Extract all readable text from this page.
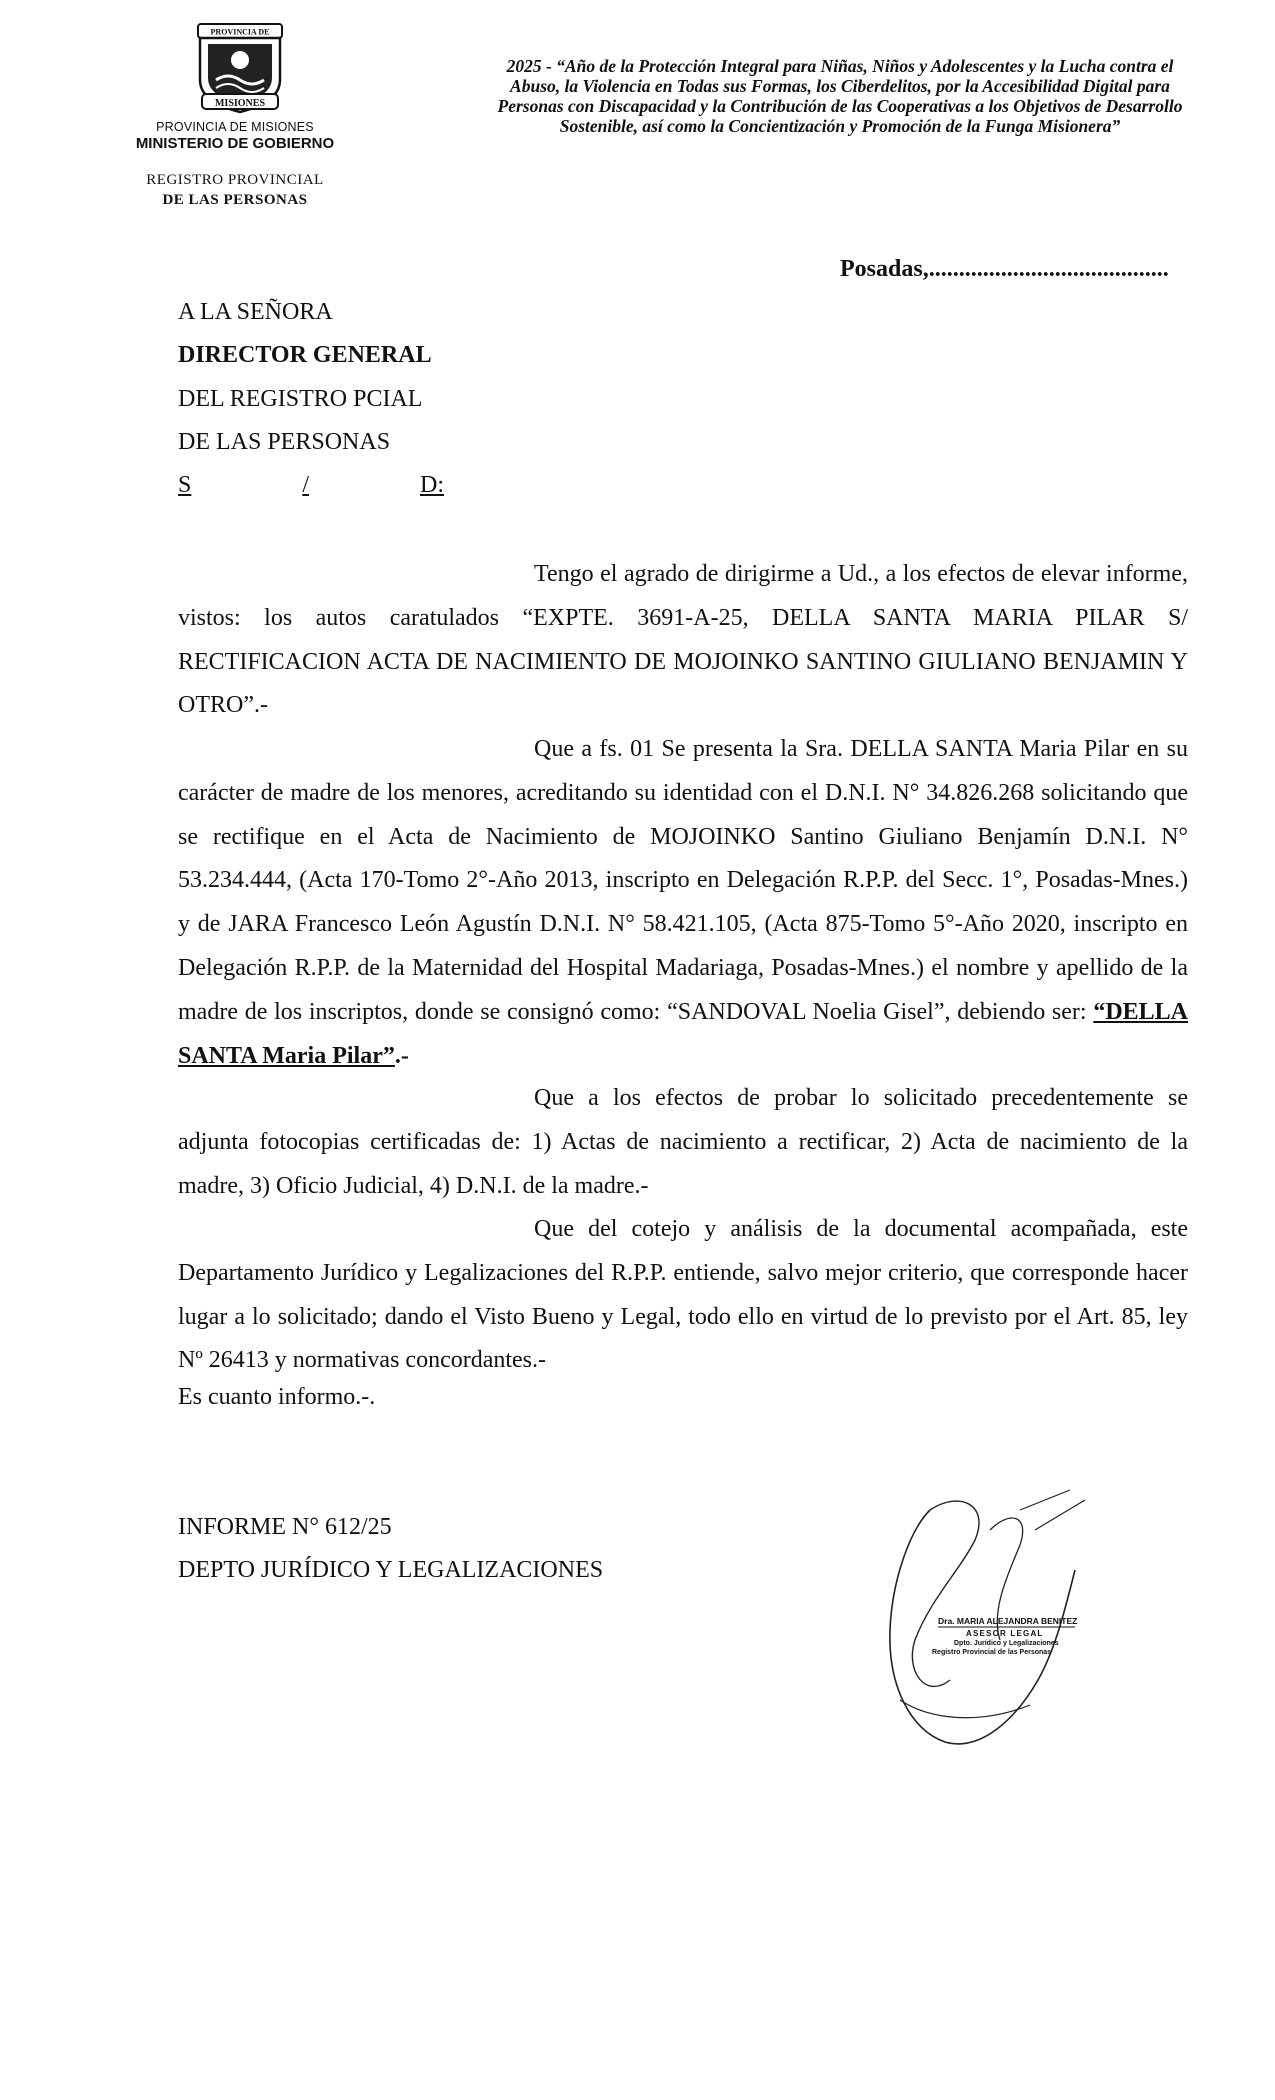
PROVINCIA DE
MISIONES
PROVINCIA DE MISIONES
MINISTERIO DE GOBIERNO
REGISTRO PROVINCIAL
DE LAS PERSONAS
2025 - “Año de la Protección Integral para Niñas, Niños y Adolescentes y la Lucha contra el Abuso, la Violencia en Todas sus Formas, los Ciberdelitos, por la Accesibilidad Digital para Personas con Discapacidad y la Contribución de las Cooperativas a los Objetivos de Desarrollo Sostenible, así como la Concientización y Promoción de la Funga Misionera”
Posadas,........................................
A LA SEÑORA
DIRECTOR GENERAL
DEL REGISTRO PCIAL
DE LAS PERSONAS
S	/	D:
Tengo el agrado de dirigirme a Ud., a los efectos de elevar informe, vistos: los autos caratulados “EXPTE. 3691-A-25, DELLA SANTA MARIA PILAR S/ RECTIFICACION ACTA DE NACIMIENTO DE MOJOINKO SANTINO GIULIANO BENJAMIN Y OTRO”.-
Que a fs. 01 Se presenta la Sra. DELLA SANTA Maria Pilar en su carácter de madre de los menores, acreditando su identidad con el D.N.I. N° 34.826.268 solicitando que se rectifique en el Acta de Nacimiento de MOJOINKO Santino Giuliano Benjamín D.N.I. N° 53.234.444, (Acta 170-Tomo 2°-Año 2013, inscripto en Delegación R.P.P. del Secc. 1°, Posadas-Mnes.) y de JARA Francesco León Agustín D.N.I. N° 58.421.105, (Acta 875-Tomo 5°-Año 2020, inscripto en Delegación R.P.P. de la Maternidad del Hospital Madariaga, Posadas-Mnes.) el nombre y apellido de la madre de los inscriptos, donde se consignó como: “SANDOVAL Noelia Gisel”, debiendo ser: “DELLA SANTA Maria Pilar”.-
Que a los efectos de probar lo solicitado precedentemente se adjunta fotocopias certificadas de: 1) Actas de nacimiento a rectificar, 2) Acta de nacimiento de la madre, 3) Oficio Judicial, 4) D.N.I. de la madre.-
Que del cotejo y análisis de la documental acompañada, este Departamento Jurídico y Legalizaciones del R.P.P. entiende, salvo mejor criterio, que corresponde hacer lugar a lo solicitado; dando el Visto Bueno y Legal, todo ello en virtud de lo previsto por el Art. 85, ley Nº 26413 y normativas concordantes.-
Es cuanto informo.-.
INFORME N° 612/25
DEPTO JURÍDICO Y LEGALIZACIONES
Dra. MARIA ALEJANDRA BENITEZ
ASESOR LEGAL
Dpto. Jurídico y Legalizaciones
Registro Provincial de las Personas
